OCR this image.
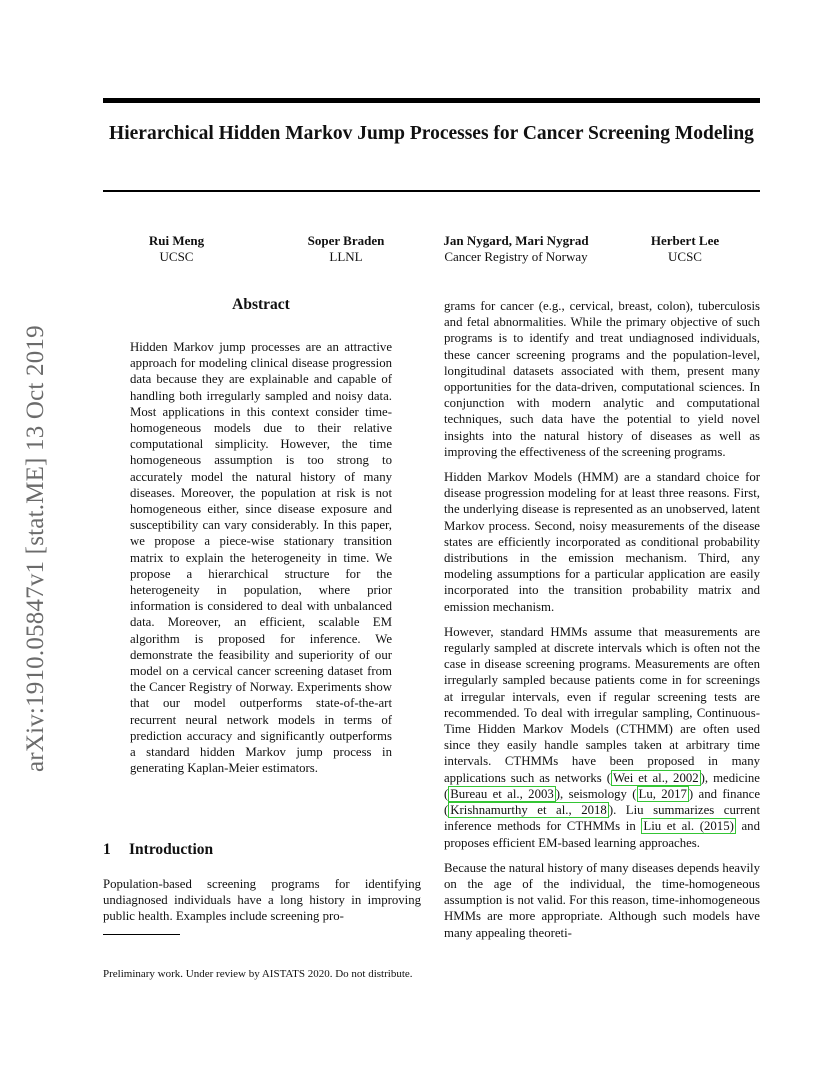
Hierarchical Hidden Markov Jump Processes for Cancer Screening Modeling
Rui Meng
UCSC
Soper Braden
LLNL
Jan Nygard, Mari Nygrad
Cancer Registry of Norway
Herbert Lee
UCSC
arXiv:1910.05847v1 [stat.ME] 13 Oct 2019
Abstract
Hidden Markov jump processes are an attractive approach for modeling clinical disease progression data because they are explainable and capable of handling both irregularly sampled and noisy data. Most applications in this context consider time-homogeneous models due to their relative computational simplicity. However, the time homogeneous assumption is too strong to accurately model the natural history of many diseases. Moreover, the population at risk is not homogeneous either, since disease exposure and susceptibility can vary considerably. In this paper, we propose a piece-wise stationary transition matrix to explain the heterogeneity in time. We propose a hierarchical structure for the heterogeneity in population, where prior information is considered to deal with unbalanced data. Moreover, an efficient, scalable EM algorithm is proposed for inference. We demonstrate the feasibility and superiority of our model on a cervical cancer screening dataset from the Cancer Registry of Norway. Experiments show that our model outperforms state-of-the-art recurrent neural network models in terms of prediction accuracy and significantly outperforms a standard hidden Markov jump process in generating Kaplan-Meier estimators.
1 Introduction
Population-based screening programs for identifying undiagnosed individuals have a long history in improving public health. Examples include screening pro-
Preliminary work. Under review by AISTATS 2020. Do not distribute.

grams for cancer (e.g., cervical, breast, colon), tuberculosis and fetal abnormalities. While the primary objective of such programs is to identify and treat undiagnosed individuals, these cancer screening programs and the population-level, longitudinal datasets associated with them, present many opportunities for the data-driven, computational sciences. In conjunction with modern analytic and computational techniques, such data have the potential to yield novel insights into the natural history of diseases as well as improving the effectiveness of the screening programs.

Hidden Markov Models (HMM) are a standard choice for disease progression modeling for at least three reasons. First, the underlying disease is represented as an unobserved, latent Markov process. Second, noisy measurements of the disease states are efficiently incorporated as conditional probability distributions in the emission mechanism. Third, any modeling assumptions for a particular application are easily incorporated into the transition probability matrix and emission mechanism.

However, standard HMMs assume that measurements are regularly sampled at discrete intervals which is often not the case in disease screening programs. Measurements are often irregularly sampled because patients come in for screenings at irregular intervals, even if regular screening tests are recommended. To deal with irregular sampling, Continuous-Time Hidden Markov Models (CTHMM) are often used since they easily handle samples taken at arbitrary time intervals. CTHMMs have been proposed in many applications such as networks ( Wei et al., 2002 ), medicine ( Bureau et al., 2003 ), seismology ( Lu, 2017 ) and finance ( Krishnamurthy et al., 2018 ). Liu summarizes current inference methods for CTHMMs in Liu et al. (2015) and proposes efficient EM-based learning approaches.

Because the natural history of many diseases depends heavily on the age of the individual, the time-homogeneous assumption is not valid. For this reason, time-inhomogeneous HMMs are more appropriate. Although such models have many appealing theoreti-
